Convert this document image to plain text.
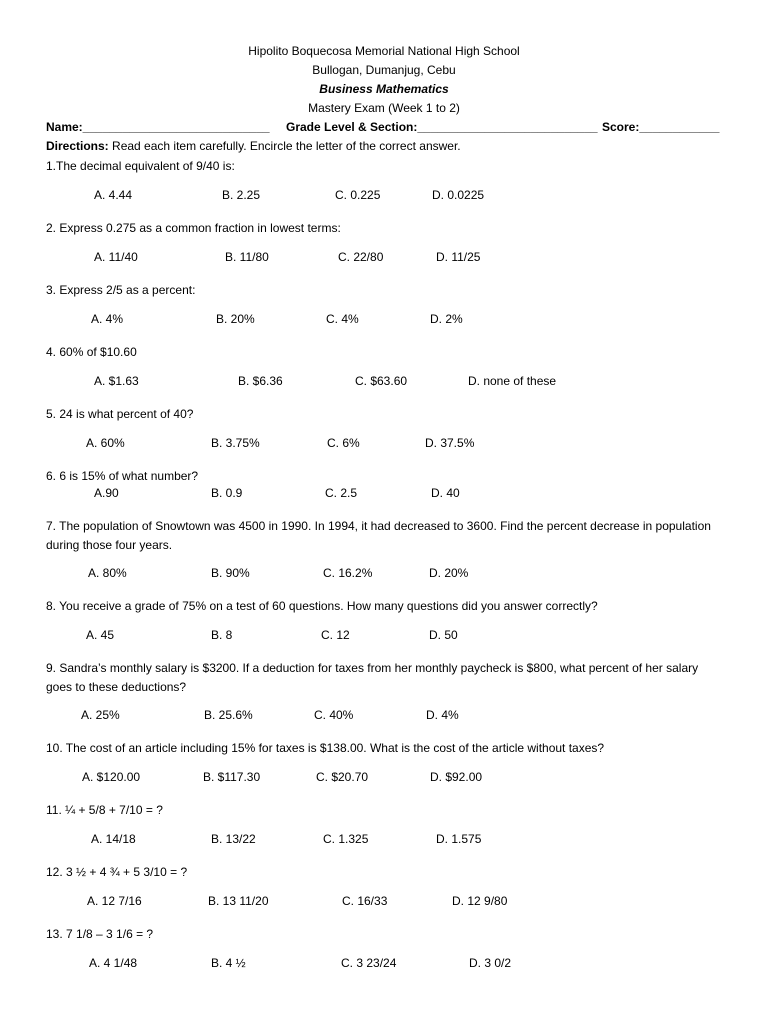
Hipolito Boquecosa Memorial National High School
Bullogan, Dumanjug, Cebu
Business Mathematics
Mastery Exam (Week 1 to 2)
Name:____________________________ Grade Level & Section:___________________________ Score:____________
Directions: Read each item carefully. Encircle the letter of the correct answer.
1.The decimal equivalent of 9/40 is:
A. 4.44	B. 2.25	C. 0.225	D. 0.0225
2. Express 0.275 as a common fraction in lowest terms:
A. 11/40	B. 11/80	C. 22/80	D. 11/25
3. Express 2/5 as a percent:
A. 4%	B. 20%	C. 4%	D. 2%
4. 60% of $10.60
A. $1.63	B. $6.36	C. $63.60	D. none of these
5. 24 is what percent of 40?
A. 60%	B. 3.75%	C. 6%	D. 37.5%
6. 6 is 15% of what number?
A.90	B. 0.9	C. 2.5	D. 40
7. The population of Snowtown was 4500 in 1990. In 1994, it had decreased to 3600. Find the percent decrease in population during those four years.
A. 80%	B. 90%	C. 16.2%	D. 20%
8. You receive a grade of 75% on a test of 60 questions. How many questions did you answer correctly?
A. 45	B. 8	C. 12	D. 50
9. Sandra’s monthly salary is $3200. If a deduction for taxes from her monthly paycheck is $800, what percent of her salary goes to these deductions?
A. 25%	B. 25.6%	C. 40%	D. 4%
10. The cost of an article including 15% for taxes is $138.00. What is the cost of the article without taxes?
A. $120.00	B. $117.30	C. $20.70	D. $92.00
11. ¼ + 5/8 + 7/10 = ?
A. 14/18	B. 13/22	C. 1.325	D. 1.575
12. 3 ½ + 4 ¾ + 5 3/10 = ?
A. 12 7/16	B. 13 11/20	C. 16/33	D. 12 9/80
13. 7 1/8 – 3 1/6 = ?
A. 4 1/48	B. 4 ½	C. 3 23/24	D. 3 0/2
